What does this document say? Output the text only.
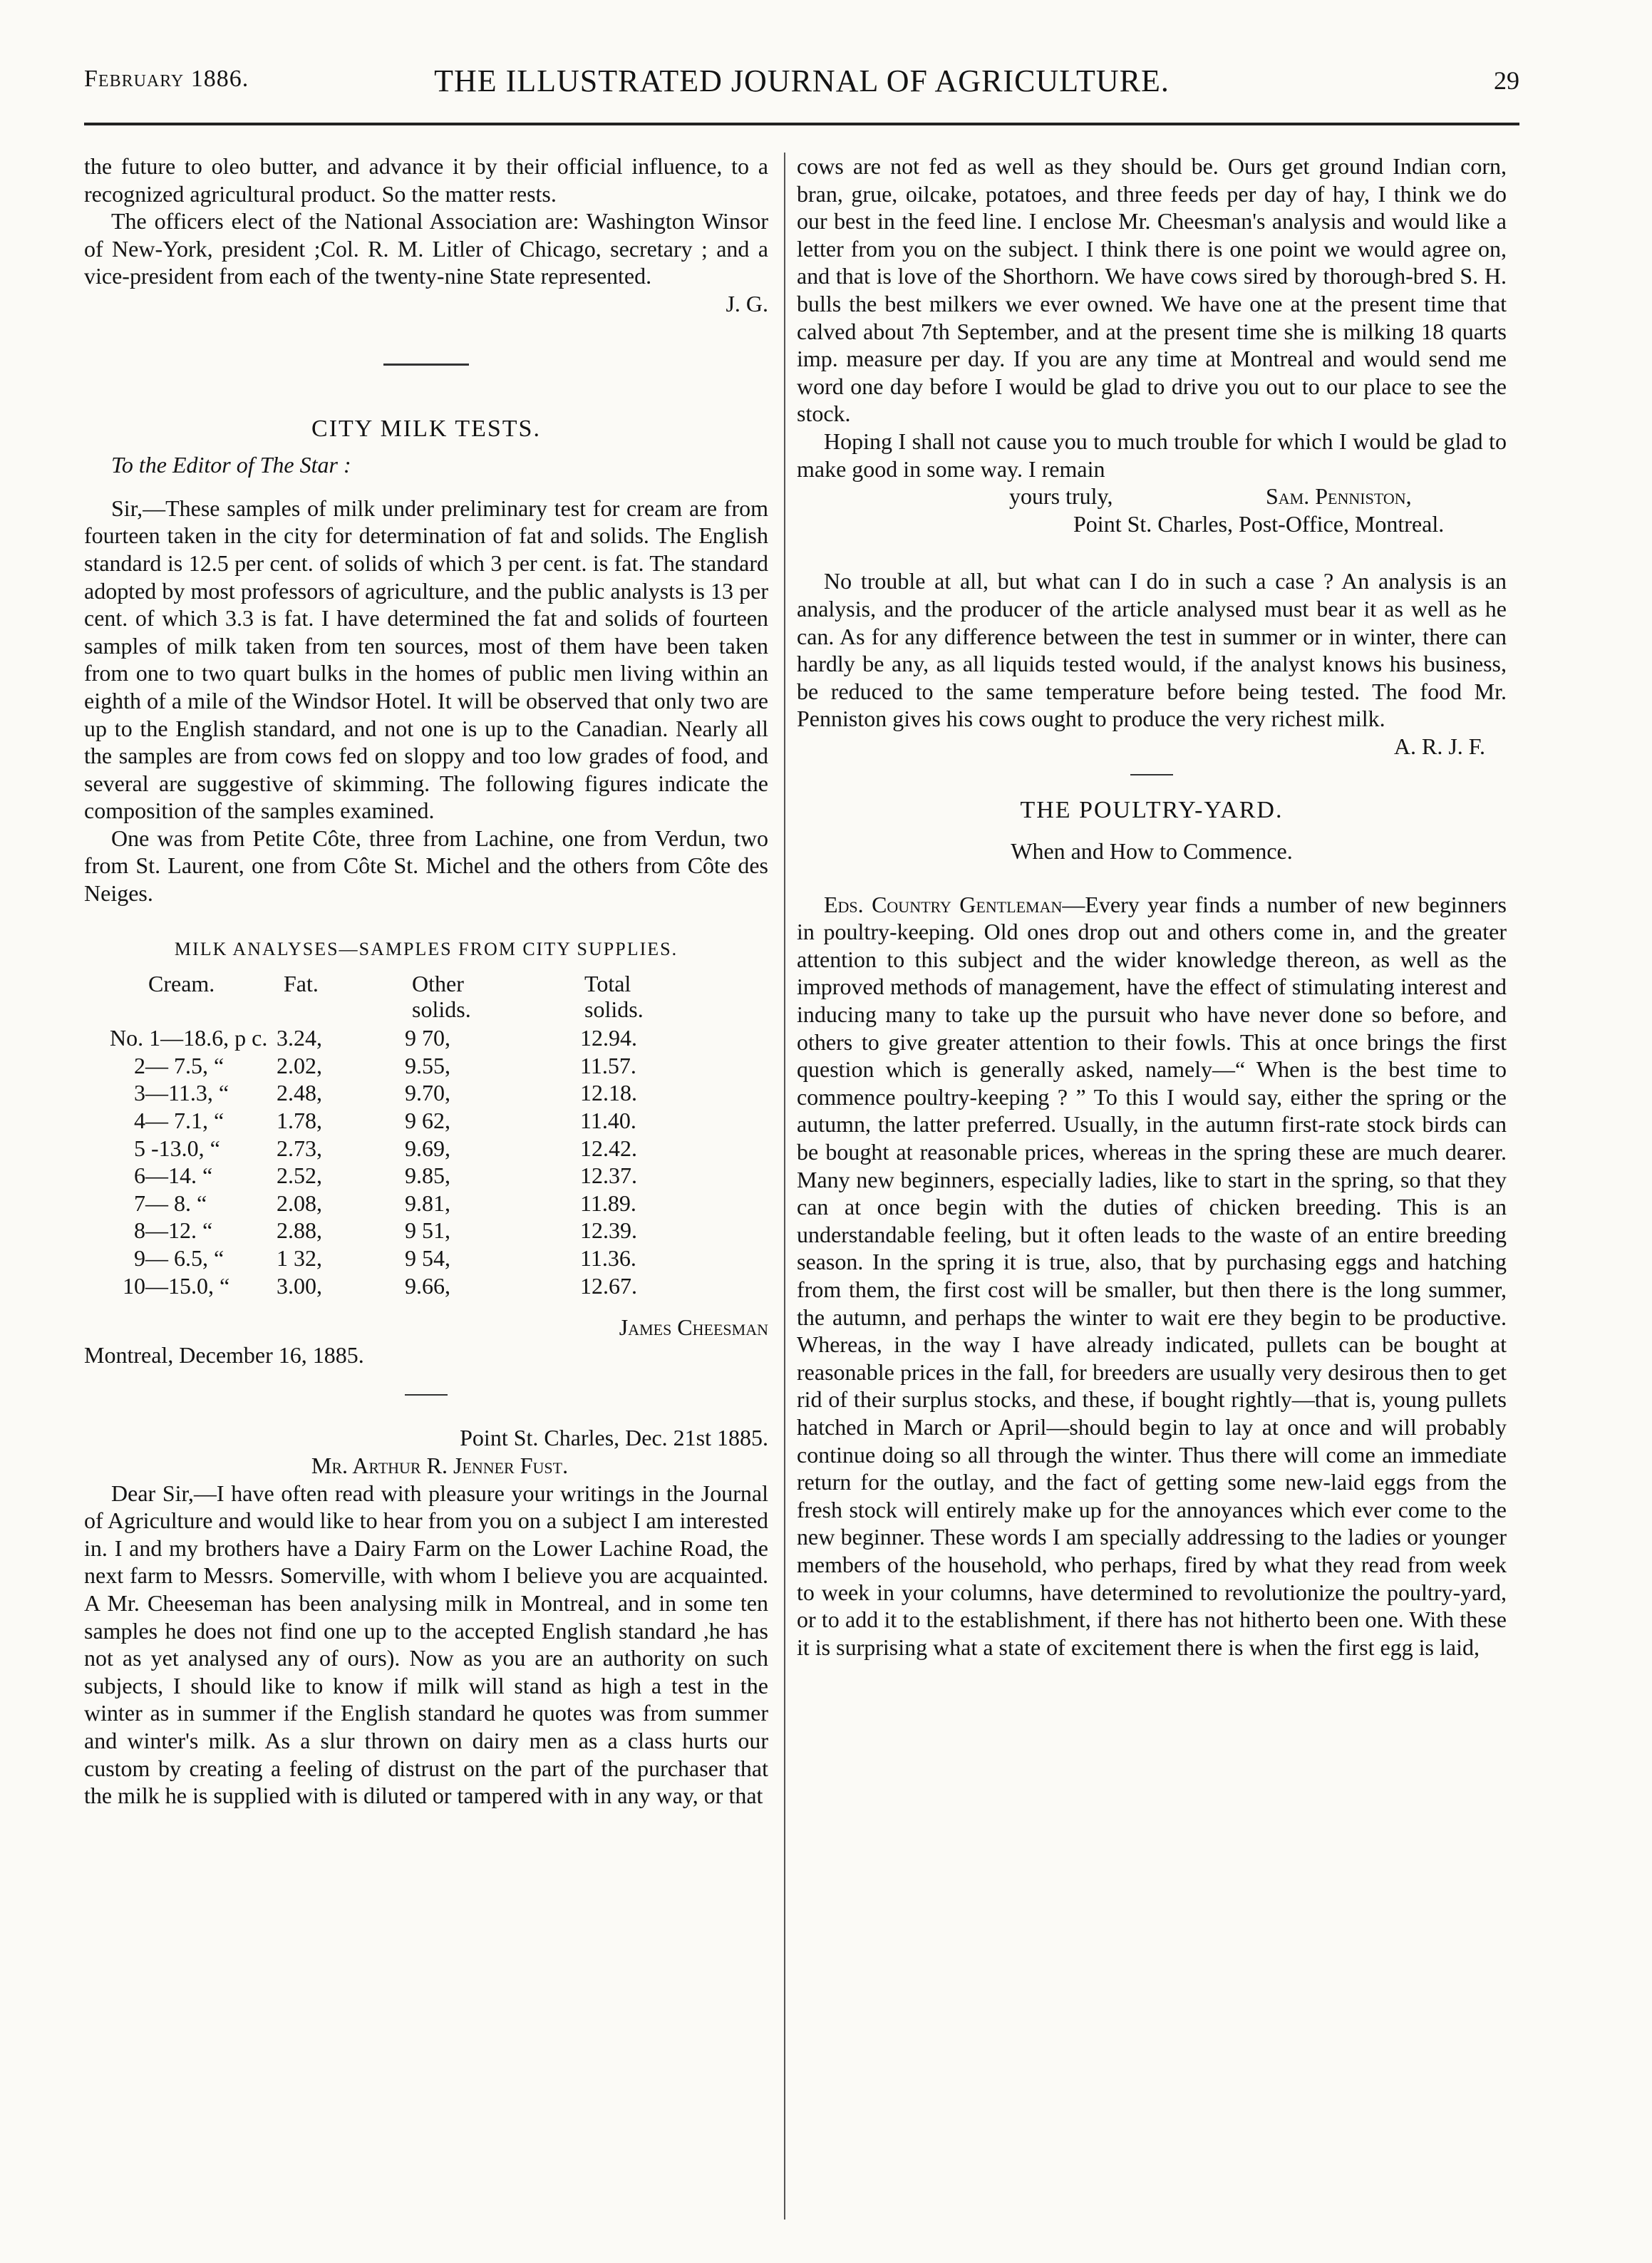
February 1886.	THE ILLUSTRATED JOURNAL OF AGRICULTURE.	29

the future to oleo butter, and advance it by their official influence, to a recognized agricultural product. So the matter rests.

The officers elect of the National Association are: Washington Winsor of New-York, president ;Col. R. M. Litler of Chicago, secretary ; and a vice-president from each of the twenty-nine State represented.

J. G.

CITY MILK TESTS.

To the Editor of The Star :

Sir,—These samples of milk under preliminary test for cream are from fourteen taken in the city for determination of fat and solids. The English standard is 12.5 per cent. of solids of which 3 per cent. is fat. The standard adopted by most professors of agriculture, and the public analysts is 13 per cent. of which 3.3 is fat. I have determined the fat and solids of fourteen samples of milk taken from ten sources, most of them have been taken from one to two quart bulks in the homes of public men living within an eighth of a mile of the Windsor Hotel. It will be observed that only two are up to the English standard, and not one is up to the Canadian. Nearly all the samples are from cows fed on sloppy and too low grades of food, and several are suggestive of skimming. The following figures indicate the composition of the samples examined.

One was from Petite Côte, three from Lachine, one from Verdun, two from St. Laurent, one from Côte St. Michel and the others from Côte des Neiges.

MILK ANALYSES—SAMPLES FROM CITY SUPPLIES.
Cream.	Fat.	Other	Total
solids.	solids.
No. 1—18.6, p c. 3.24,	9 70,	12.94.
2— 7.5, “ 2.02,	9.55,	11.57.
3—11.3, “ 2.48,	9.70,	12.18.
4— 7.1, “ 1.78,	9 62,	11.40.
5 -13.0, “ 2.73,	9.69,	12.42.
6—14. “	2.52,	9.85,	12.37.
7— 8. “	2.08,	9.81,	11.89.
8—12. “	2.88,	9 51,	12.39.
9— 6.5, “ 1 32,	9 54,	11.36.
10—15.0, “ 3.00,	9.66,	12.67.

James Cheesman

Montreal, December 16, 1885.

Point St. Charles, Dec. 21st 1885.

Mr. Arthur R. Jenner Fust.

Dear Sir,—I have often read with pleasure your writings in the Journal of Agriculture and would like to hear from you on a subject I am interested in. I and my brothers have a Dairy Farm on the Lower Lachine Road, the next farm to Messrs. Somerville, with whom I believe you are acquainted. A Mr. Cheeseman has been analysing milk in Montreal, and in some ten samples he does not find one up to the accepted English standard ,he has not as yet analysed any of ours). Now as you are an authority on such subjects, I should like to know if milk will stand as high a test in the winter as in summer if the English standard he quotes was from summer and winter's milk. As a slur thrown on dairy men as a class hurts our custom by creating a feeling of distrust on the part of the purchaser that the milk he is supplied with is diluted or tampered with in any way, or that

cows are not fed as well as they should be. Ours get ground Indian corn, bran, grue, oilcake, potatoes, and three feeds per day of hay, I think we do our best in the feed line. I enclose Mr. Cheesman's analysis and would like a letter from you on the subject. I think there is one point we would agree on, and that is love of the Shorthorn. We have cows sired by thorough-bred S. H. bulls the best milkers we ever owned. We have one at the present time that calved about 7th September, and at the present time she is milking 18 quarts imp. measure per day. If you are any time at Montreal and would send me word one day before I would be glad to drive you out to our place to see the stock.

Hoping I shall not cause you to much trouble for which I would be glad to make good in some way. I remain

yours truly,	Sam. Penniston,

Point St. Charles, Post-Office, Montreal.

No trouble at all, but what can I do in such a case ? An analysis is an analysis, and the producer of the article analysed must bear it as well as he can. As for any difference between the test in summer or in winter, there can hardly be any, as all liquids tested would, if the analyst knows his business, be reduced to the same temperature before being tested. The food Mr. Penniston gives his cows ought to produce the very richest milk.

A. R. J. F.

THE POULTRY-YARD.
When and How to Commence.

Eds. Country Gentleman—Every year finds a number of new beginners in poultry-keeping. Old ones drop out and others come in, and the greater attention to this subject and the wider knowledge thereon, as well as the improved methods of management, have the effect of stimulating interest and inducing many to take up the pursuit who have never done so before, and others to give greater attention to their fowls. This at once brings the first question which is generally asked, namely—“ When is the best time to commence poultry-keeping ? ” To this I would say, either the spring or the autumn, the latter preferred. Usually, in the autumn first-rate stock birds can be bought at reasonable prices, whereas in the spring these are much dearer. Many new beginners, especially ladies, like to start in the spring, so that they can at once begin with the duties of chicken breeding. This is an understandable feeling, but it often leads to the waste of an entire breeding season. In the spring it is true, also, that by purchasing eggs and hatching from them, the first cost will be smaller, but then there is the long summer, the autumn, and perhaps the winter to wait ere they begin to be productive. Whereas, in the way I have already indicated, pullets can be bought at reasonable prices in the fall, for breeders are usually very desirous then to get rid of their surplus stocks, and these, if bought rightly—that is, young pullets hatched in March or April—should begin to lay at once and will probably continue doing so all through the winter. Thus there will come an immediate return for the outlay, and the fact of getting some new-laid eggs from the fresh stock will entirely make up for the annoyances which ever come to the new beginner. These words I am specially addressing to the ladies or younger members of the household, who perhaps, fired by what they read from week to week in your columns, have determined to revolutionize the poultry-yard, or to add it to the establishment, if there has not hitherto been one. With these it is surprising what a state of excitement there is when the first egg is laid,
